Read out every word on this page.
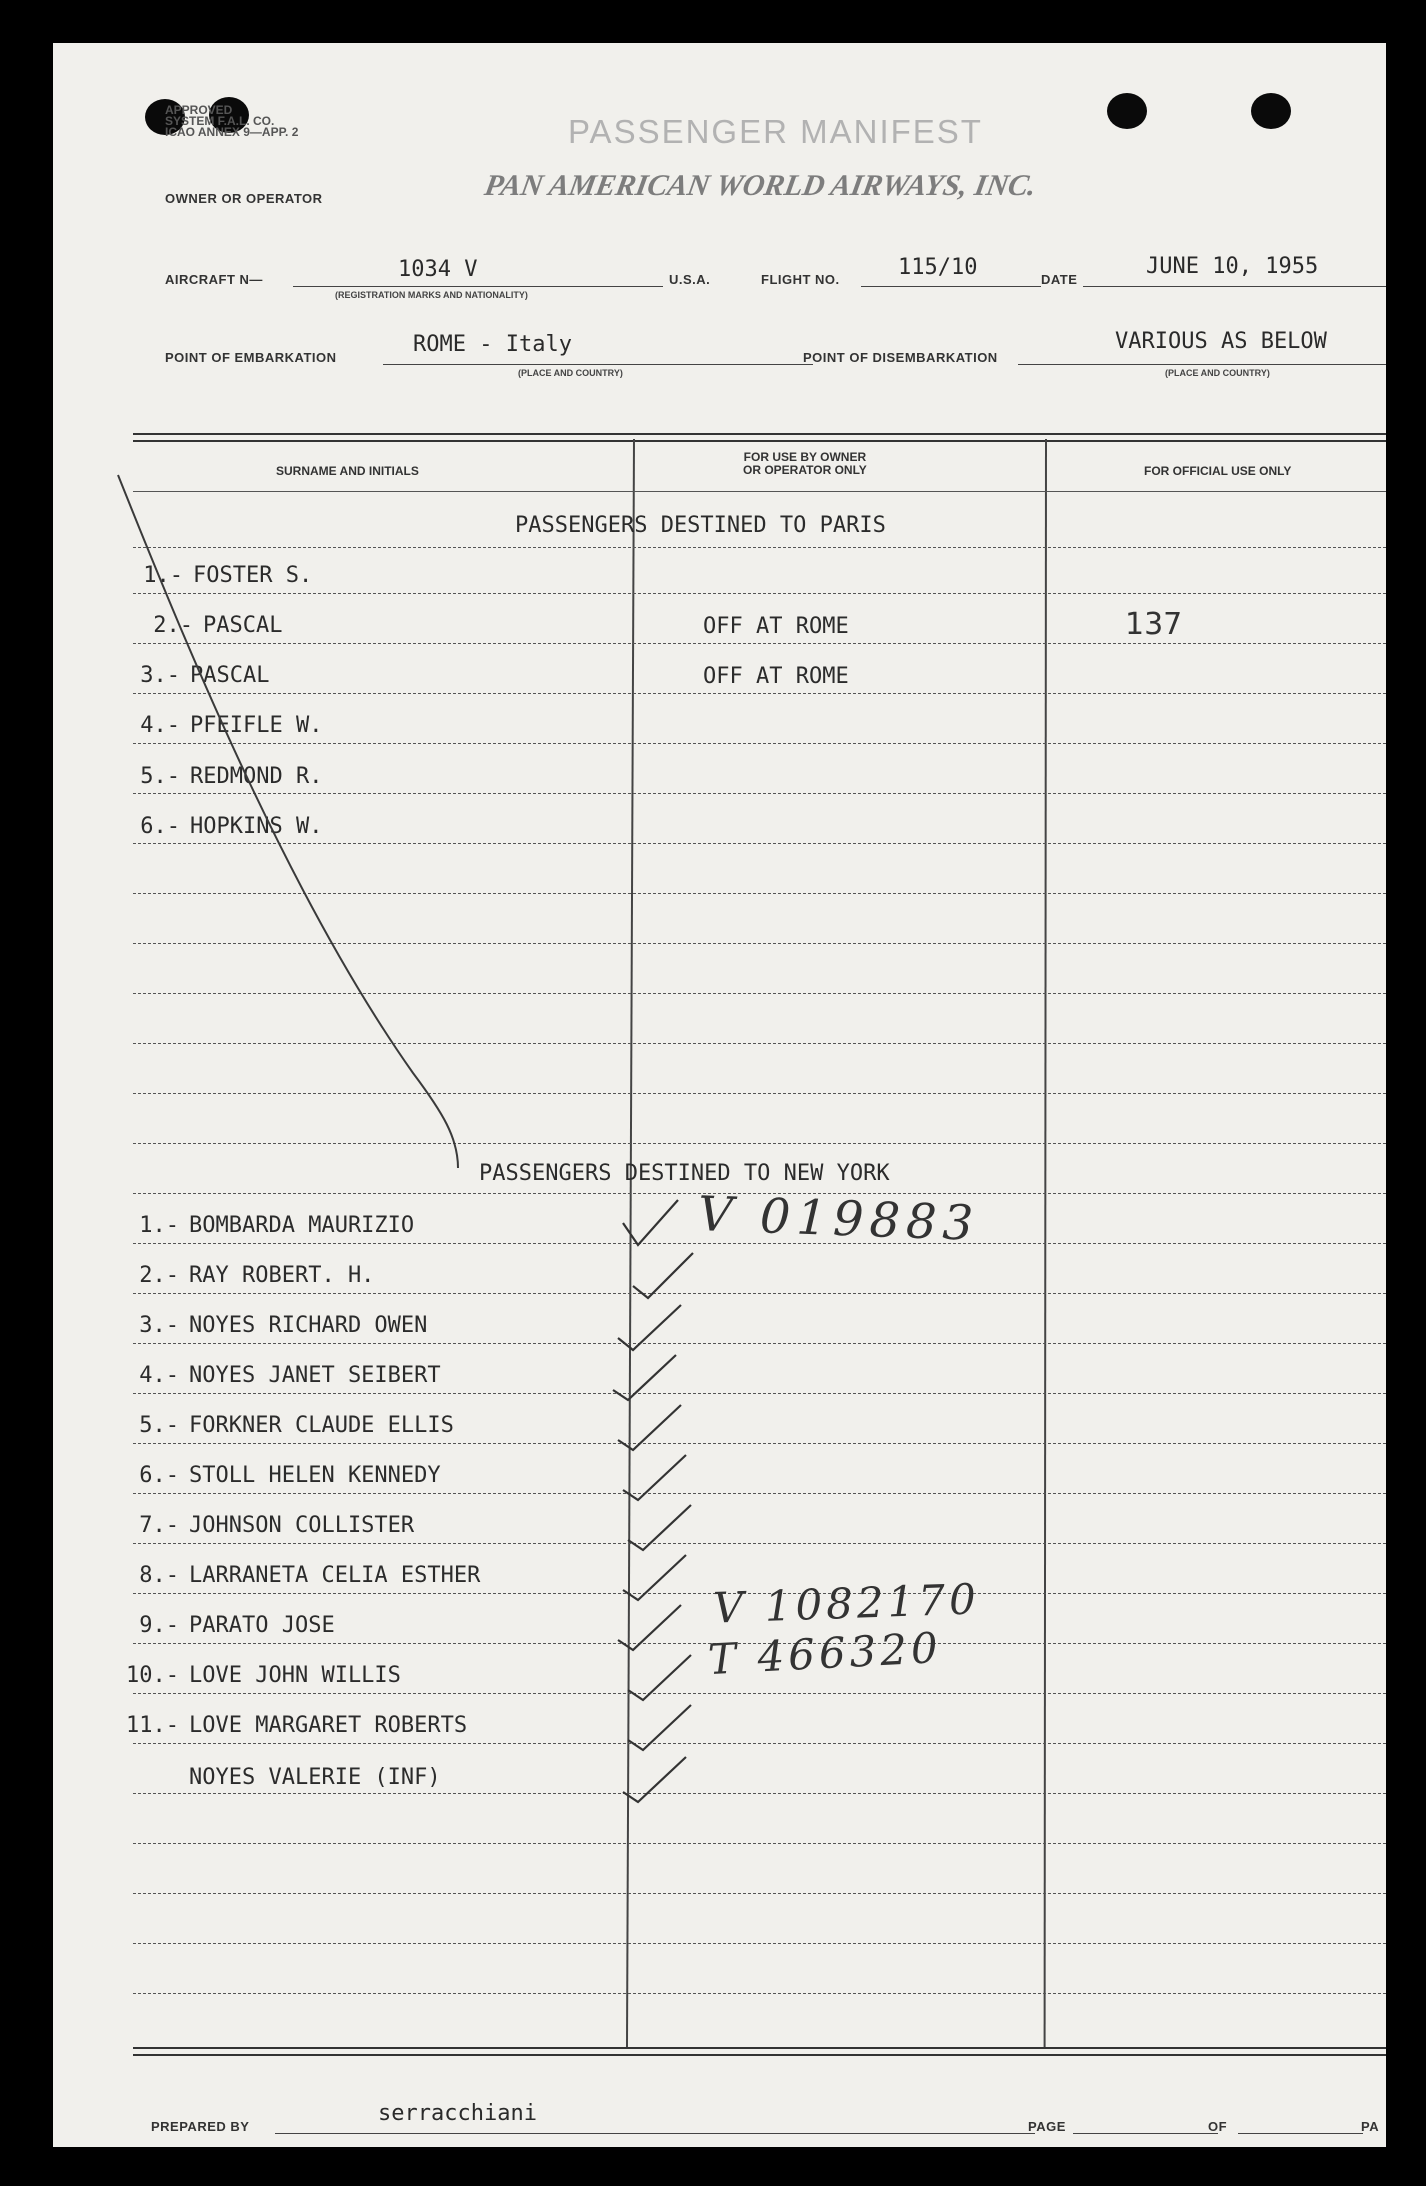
APPROVED
SYSTEM F.A.L. CO.
ICAO ANNEX 9—APP. 2	PASSENGER MANIFEST
OWNER OR OPERATOR	PAN AMERICAN WORLD AIRWAYS, INC.
AIRCRAFT N—	1034 V
(REGISTRATION MARKS AND NATIONALITY)
U.S.A.	FLIGHT NO.	115/10	DATE
JUNE 10, 1955
POINT OF EMBARKATION
ROME - Italy
(PLACE AND COUNTRY)
POINT OF DISEMBARKATION
VARIOUS AS BELOW
(PLACE AND COUNTRY)
SURNAME AND INITIALS
FOR USE BY OWNER
OR OPERATOR ONLY	FOR OFFICIAL USE ONLY
PASSENGERS DESTINED TO PARIS
1.- FOSTER S.
2.- PASCAL	OFF AT ROME	137
3.- PASCAL	OFF AT ROME
4.- PFEIFLE W.
5.- REDMOND R.
6.- HOPKINS W.
PASSENGERS DESTINED TO NEW YORK
1.- BOMBARDA MAURIZIO
2.- RAY ROBERT. H.
3.- NOYES RICHARD OWEN
4.- NOYES JANET SEIBERT
5.- FORKNER CLAUDE ELLIS
6.- STOLL HELEN KENNEDY
7.- JOHNSON COLLISTER
8.- LARRANETA CELIA ESTHER
9.- PARATO JOSE
10.- LOVE JOHN WILLIS
11.- LOVE MARGARET ROBERTS
NOYES VALERIE (INF)
V 019883
V 1082170
T 466320
PREPARED BY
serracchiani
PAGE	OF	PA
